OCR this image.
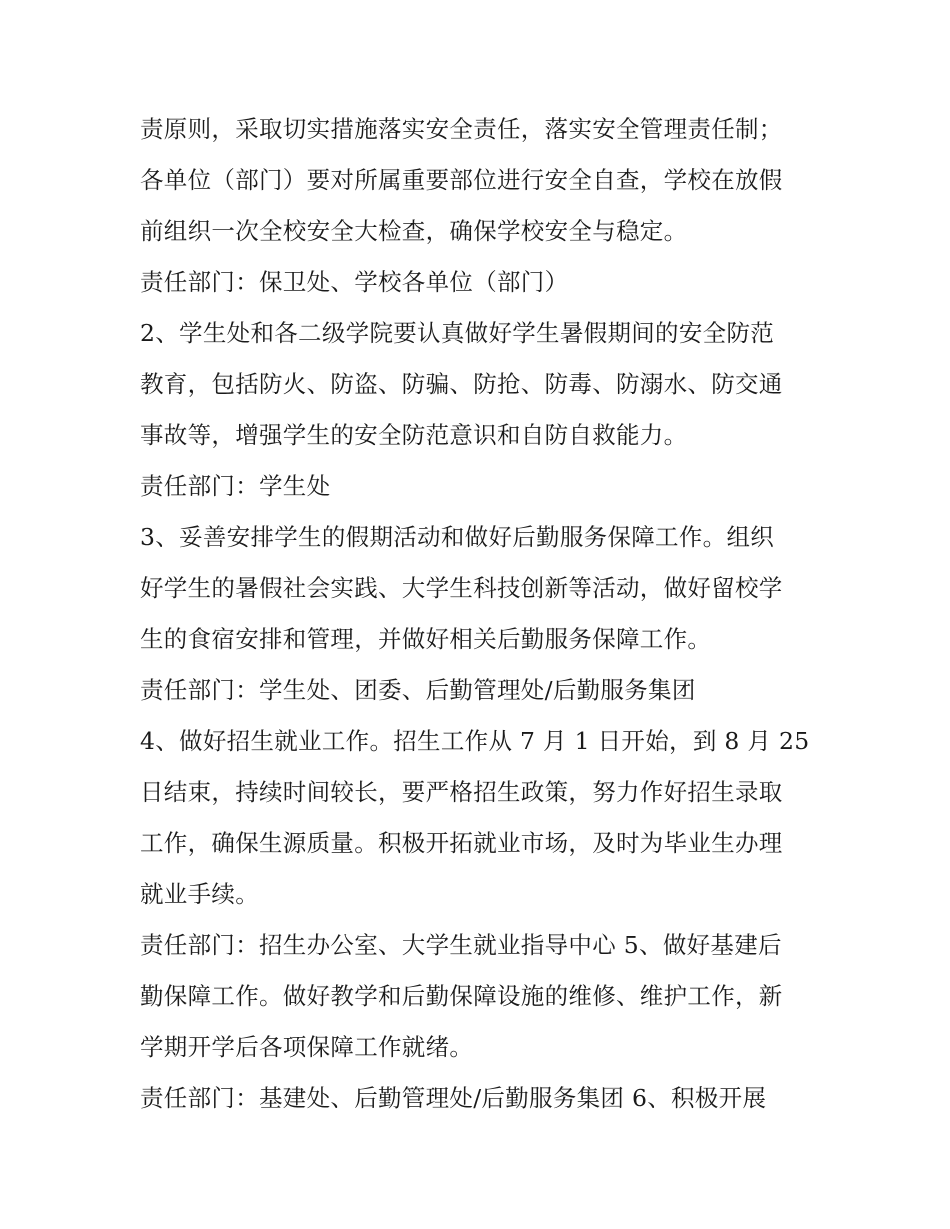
责原则，采取切实措施落实安全责任，落实安全管理责任制；
各单位（部门）要对所属重要部位进行安全自查，学校在放假
前组织一次全校安全大检查，确保学校安全与稳定。
责任部门：保卫处、学校各单位（部门）
2、学生处和各二级学院要认真做好学生暑假期间的安全防范
教育，包括防火、防盗、防骗、防抢、防毒、防溺水、防交通
事故等，增强学生的安全防范意识和自防自救能力。
责任部门：学生处
3、妥善安排学生的假期活动和做好后勤服务保障工作。组织
好学生的暑假社会实践、大学生科技创新等活动，做好留校学
生的食宿安排和管理，并做好相关后勤服务保障工作。
责任部门：学生处、团委、后勤管理处/后勤服务集团
4、做好招生就业工作。招生工作从 7 月 1 日开始，到 8 月 25
日结束，持续时间较长，要严格招生政策，努力作好招生录取
工作，确保生源质量。积极开拓就业市场，及时为毕业生办理
就业手续。
责任部门：招生办公室、大学生就业指导中心 5、做好基建后
勤保障工作。做好教学和后勤保障设施的维修、维护工作，新
学期开学后各项保障工作就绪。
责任部门：基建处、后勤管理处/后勤服务集团 6、积极开展
